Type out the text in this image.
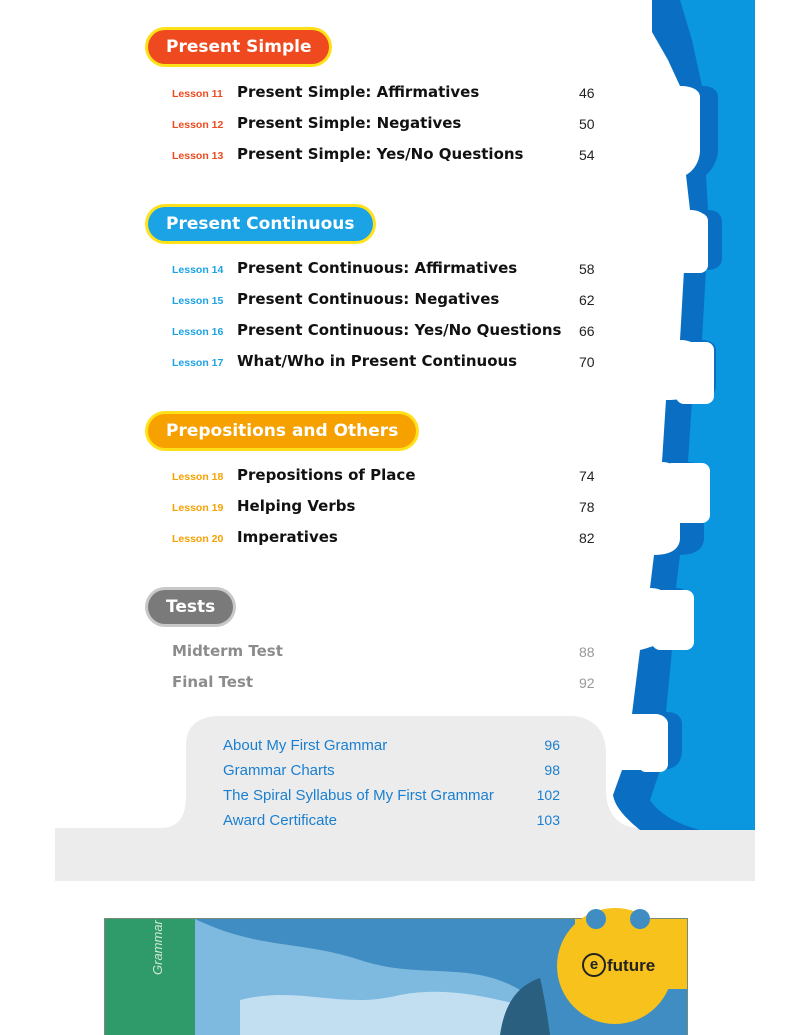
Present Simple
Present Continuous
Prepositions and Others
Tests
Lesson 11 Present Simple: Affirmatives	46
Lesson 12 Present Simple: Negatives	50
Lesson 13 Present Simple: Yes/No Questions	54
Lesson 14 Present Continuous: Affirmatives	58
Lesson 15 Present Continuous: Negatives	62
Lesson 16 Present Continuous: Yes/No Questions 66
Lesson 17 What/Who in Present Continuous	70
Lesson 18 Prepositions of Place	74
Lesson 19 Helping Verbs	78
Lesson 20 Imperatives	82
Midterm Test	88
Final Test	92
About My First Grammar	96
Grammar Charts	98
The Spiral Syllabus of My First Grammar	102
Award Certificate	103
e future
Grammar
